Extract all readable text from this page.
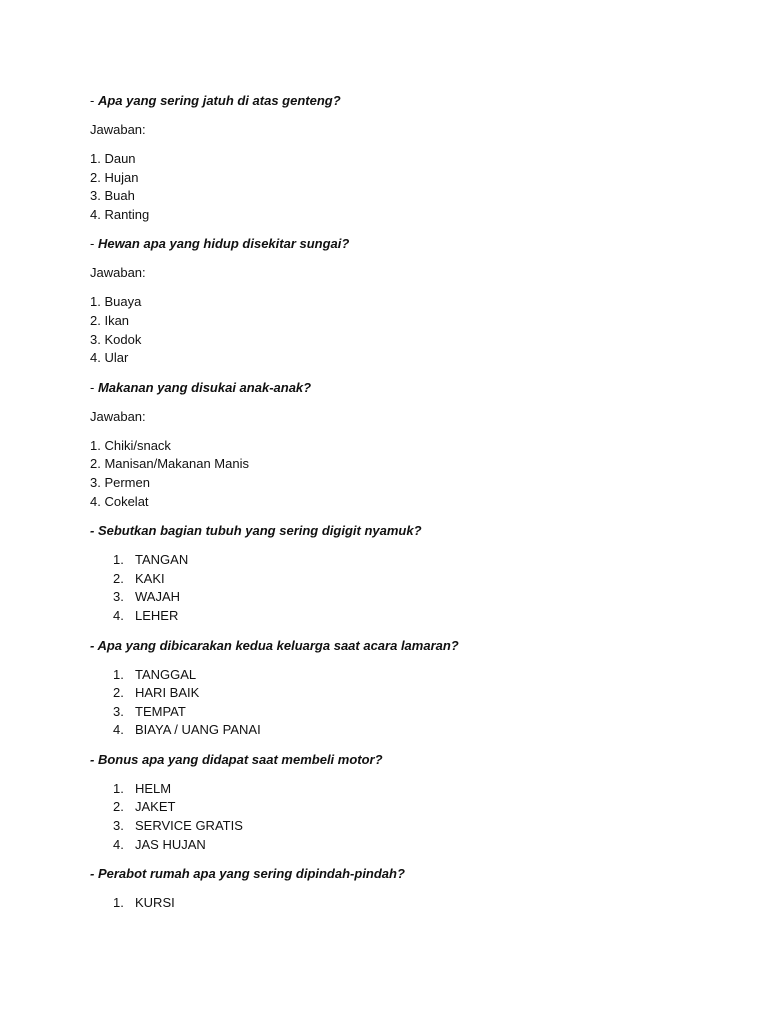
- Apa yang sering jatuh di atas genteng?
Jawaban:
1. Daun
2. Hujan
3. Buah
4. Ranting
- Hewan apa yang hidup disekitar sungai?
Jawaban:
1. Buaya
2. Ikan
3. Kodok
4. Ular
- Makanan yang disukai anak-anak?
Jawaban:
1. Chiki/snack
2. Manisan/Makanan Manis
3. Permen
4. Cokelat
- Sebutkan bagian tubuh yang sering digigit nyamuk?
1. TANGAN
2. KAKI
3. WAJAH
4. LEHER
- Apa yang dibicarakan kedua keluarga saat acara lamaran?
1. TANGGAL
2. HARI BAIK
3. TEMPAT
4. BIAYA / UANG PANAI
- Bonus apa yang didapat saat membeli motor?
1. HELM
2. JAKET
3. SERVICE GRATIS
4. JAS HUJAN
- Perabot rumah apa yang sering dipindah-pindah?
1. KURSI
